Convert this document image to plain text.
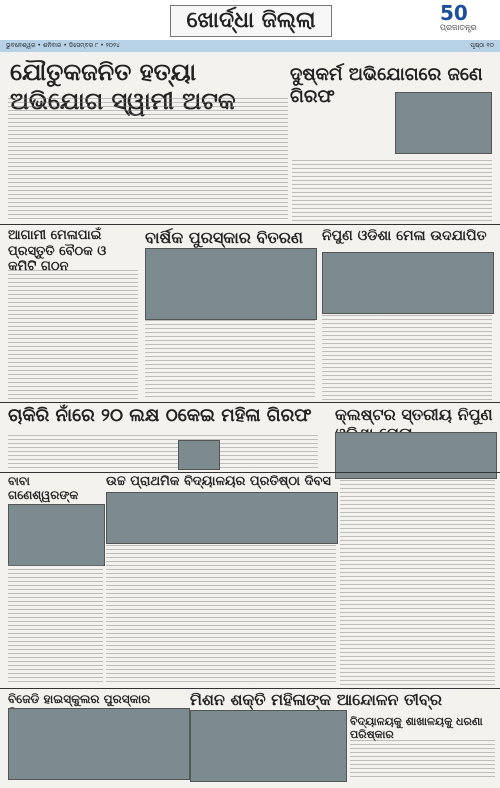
ଖୋର୍ଦ୍ଧା ଜିଲ୍ଲା	50
ପ୍ରଜାତନ୍ତ୍ର
ଭୁବନେଶ୍ୱର • ଶନିବାର • ଡିସେମ୍ବର ୮ • ୨୦୨୪	ପୃଷ୍ଠା ୧୦
ଯୌତୁକଜନିତ ହତ୍ୟା ଅଭିଯୋଗ ସ୍ୱାମୀ ଅଟକ
ଦୁଷ୍କର୍ମ ଅଭିଯୋଗରେ ଜଣେ ଗିରଫ
ଆଗାମୀ ମେଳାପାଇଁ ପ୍ରସ୍ତୁତି ବୈଠକ ଓ କମିଟି ଗଠନ
ବାର୍ଷିକ ପୁରସ୍କାର ବିତରଣ	ନିପୁଣ ଓଡିଶା ମେଳା ଉଦଯାପିତ
ଚାକିରି ନାଁରେ ୨୦ ଲକ୍ଷ ଠକେଇ ମହିଳା ଗିରଫ	କ୍ଲଷ୍ଟର ସ୍ତରୀୟ ନିପୁଣ
ବାବା ଗଣେଶ୍ୱରଙ୍କ
ଉଚ୍ଚ ପ୍ରାଥମିକ ବିଦ୍ୟାଳୟର ପ୍ରତିଷ୍ଠା ଦିବସ
ବିଜେଡି ହାଇସ୍କୁଲର ପୁରସ୍କାର	ମିଶନ ଶକ୍ତି ମହିଳାଙ୍କ ଆନ୍ଦୋଳନ ତୀବ୍ର
ବିଦ୍ୟାଳୟକୁ ଶାଖାଳୟକୁ ଧରଣା ପରିଷ୍କାର
